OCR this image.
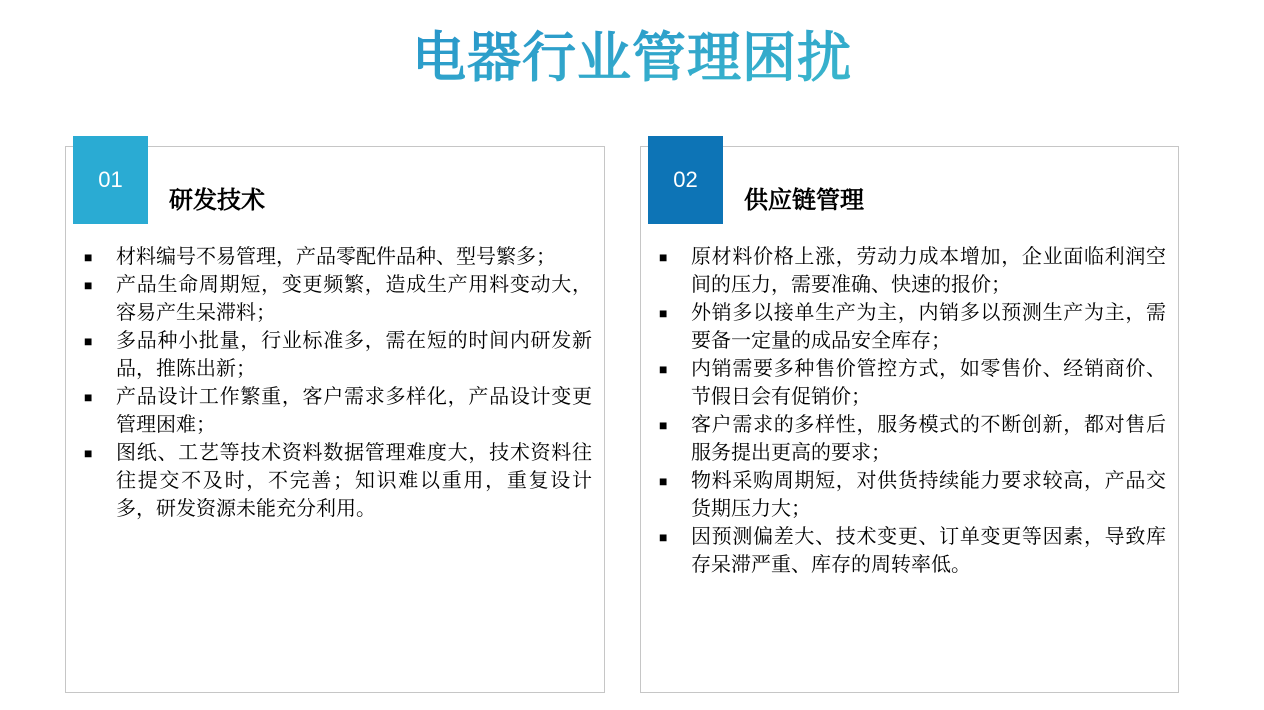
电器行业管理困扰
01
研发技术
■ 材料编号不易管理，产品零配件品种、型号繁多；
■ 产品生命周期短，变更频繁，造成生产用料变动大，容易产生呆滞料；
■ 多品种小批量，行业标准多，需在短的时间内研发新品，推陈出新；
■ 产品设计工作繁重，客户需求多样化，产品设计变更管理困难；
■ 图纸、工艺等技术资料数据管理难度大，技术资料往往提交不及时，不完善；知识难以重用，重复设计多，研发资源未能充分利用。
02
供应链管理
■ 原材料价格上涨，劳动力成本增加，企业面临利润空间的压力，需要准确、快速的报价；
■ 外销多以接单生产为主，内销多以预测生产为主，需要备一定量的成品安全库存；
■ 内销需要多种售价管控方式，如零售价、经销商价、节假日会有促销价；
■ 客户需求的多样性，服务模式的不断创新，都对售后服务提出更高的要求；
■ 物料采购周期短，对供货持续能力要求较高，产品交货期压力大；
■ 因预测偏差大、技术变更、订单变更等因素，导致库存呆滞严重、库存的周转率低。
